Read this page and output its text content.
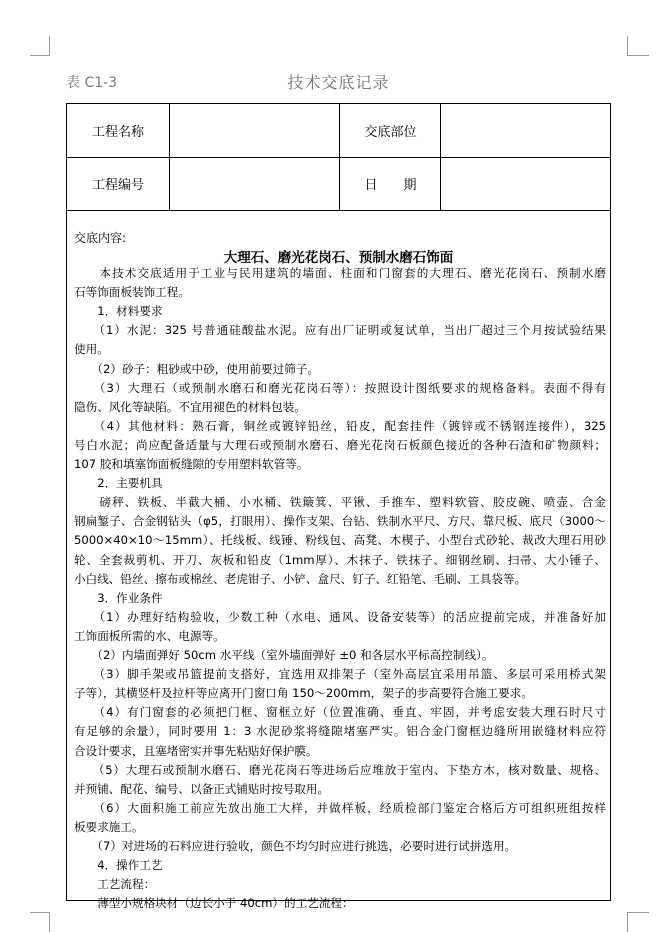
表 C1-3	技术交底记录
工程名称	交底部位
工程编号	日　　期
交底内容:
大理石、磨光花岗石、预制水磨石饰面
　　本技术交底适用于工业与民用建筑的墙面、柱面和门窗套的大理石、磨光花岗石、预制水磨
石等饰面板装饰工程。
　　1．材料要求
　　（1）水泥：325 号普通硅酸盐水泥。应有出厂证明或复试单，当出厂超过三个月按试验结果
使用。
　　（2）砂子：粗砂或中砂，使用前要过筛子。
　　（3）大理石（或预制水磨石和磨光花岗石等）：按照设计图纸要求的规格备料。表面不得有
隐伤、风化等缺陷。不宜用褪色的材料包装。
　　（4）其他材料：熟石膏，铜丝或镀锌铅丝，铅皮，配套挂件（镀锌或不锈钢连接件），325
号白水泥；尚应配备适量与大理石或预制水磨石、磨光花岗石板颜色接近的各种石渣和矿物颜料；
107 胶和填塞饰面板缝隙的专用塑料软管等。
　　2．主要机具
　　磅秤、铁板、半截大桶、小水桶、铁簸箕、平锹、手推车、塑料软管、胶皮碗、喷壶、合金
钢扁錾子、合金钢钻头（φ5，打眼用）、操作支架、台钻、铁制水平尺、方尺、靠尺板、底尺（3000～
5000×40×10～15mm）、托线板、线锤、粉线包、高凳、木楔子、小型台式砂轮、裁改大理石用砂
轮、全套裁剪机、开刀、灰板和铅皮（1mm厚）、木抹子、铁抹子、细钢丝刷、扫帚、大小锤子、
小白线、铅丝、擦布或棉丝、老虎钳子、小铲、盒尺、钉子、红铅笔、毛刷、工具袋等。
　　3．作业条件
　　（1）办理好结构验收，少数工种（水电、通风、设备安装等）的活应提前完成，并准备好加
工饰面板所需的水、电源等。
　　（2）内墙面弹好 50cm 水平线（室外墙面弹好 ±0 和各层水平标高控制线）。
　　（3）脚手架或吊篮提前支搭好，宜选用双排架子（室外高层宜采用吊篮、多层可采用桥式架
子等），其横竖杆及拉杆等应离开门窗口角 150～200mm，架子的步高要符合施工要求。
　　（4）有门窗套的必须把门框、窗框立好（位置准确、垂直、牢固，并考虑安装大理石时尺寸
有足够的余量），同时要用 1：3 水泥砂浆将缝隙堵塞严实。铝合金门窗框边缝所用嵌缝材料应符
合设计要求，且塞堵密实并事先粘贴好保护膜。
　　（5）大理石或预制水磨石、磨光花岗石等进场后应堆放于室内、下垫方木，核对数量、规格、
并预铺、配花、编号、以备正式铺贴时按号取用。
　　（6）大面积施工前应先放出施工大样，并做样板，经质检部门鉴定合格后方可组织班组按样
板要求施工。
　　（7）对进场的石料应进行验收，颜色不均匀时应进行挑选，必要时进行试拼选用。
　　4．操作工艺
　　工艺流程：
　　薄型小规格块材（边长小于 40cm）的工艺流程：
